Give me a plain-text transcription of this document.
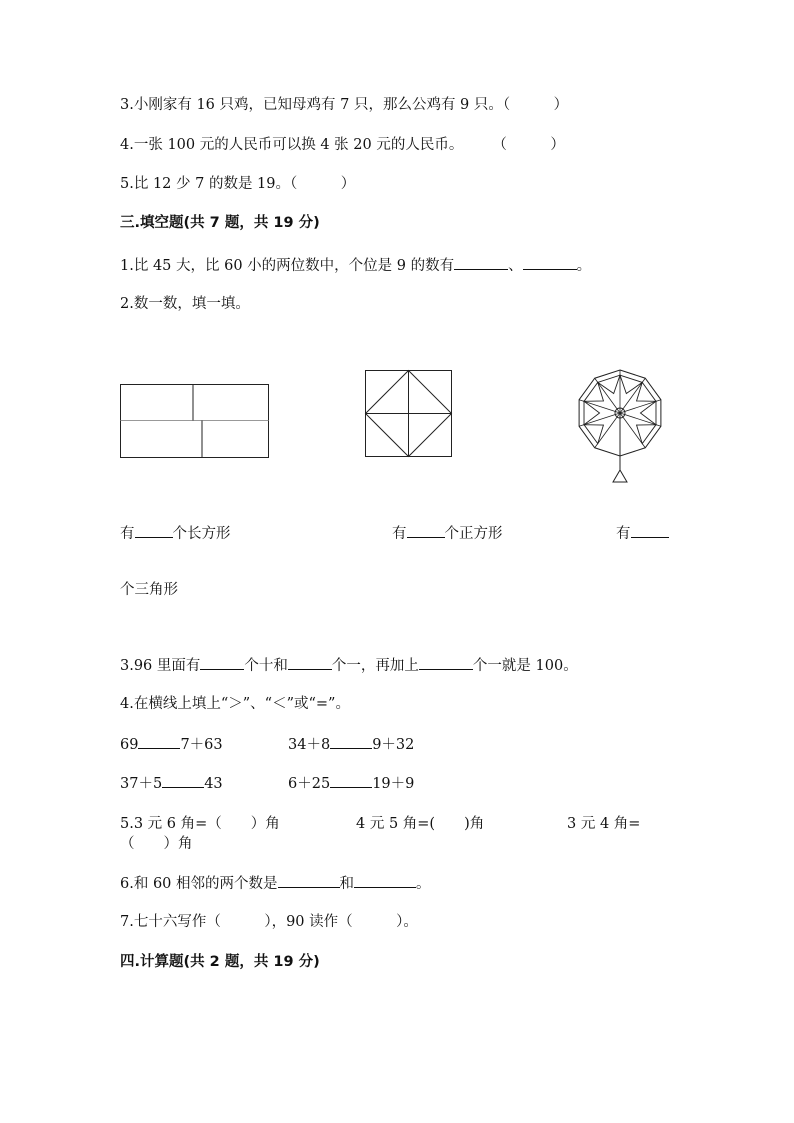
3.小刚家有 16 只鸡，已知母鸡有 7 只，那么公鸡有 9 只。（　　　）
4.一张 100 元的人民币可以换 4 张 20 元的人民币。　　　（　　　）
5.比 12 少 7 的数是 19。（　　　）
三.填空题(共 7 题，共 19 分)
1.比 45 大，比 60 小的两位数中，个位是 9 的数有	、	。
2.数一数，填一填。
有	个长方形	有	个正方形	有
个三角形
3.96 里面有	个十和	个一，再加上	个一就是 100。
4.在横线上填上“＞”、“＜”或“=”。
69	7＋63	34＋8	9＋32
37＋5	43	6＋25	19＋9
5.3 元 6 角=（　　）角	4 元 5 角=(　　)角	3 元 4 角=
（　　）角
6.和 60 相邻的两个数是	和	。
7.七十六写作（　　　），90 读作（　　　）。
四.计算题(共 2 题，共 19 分)
